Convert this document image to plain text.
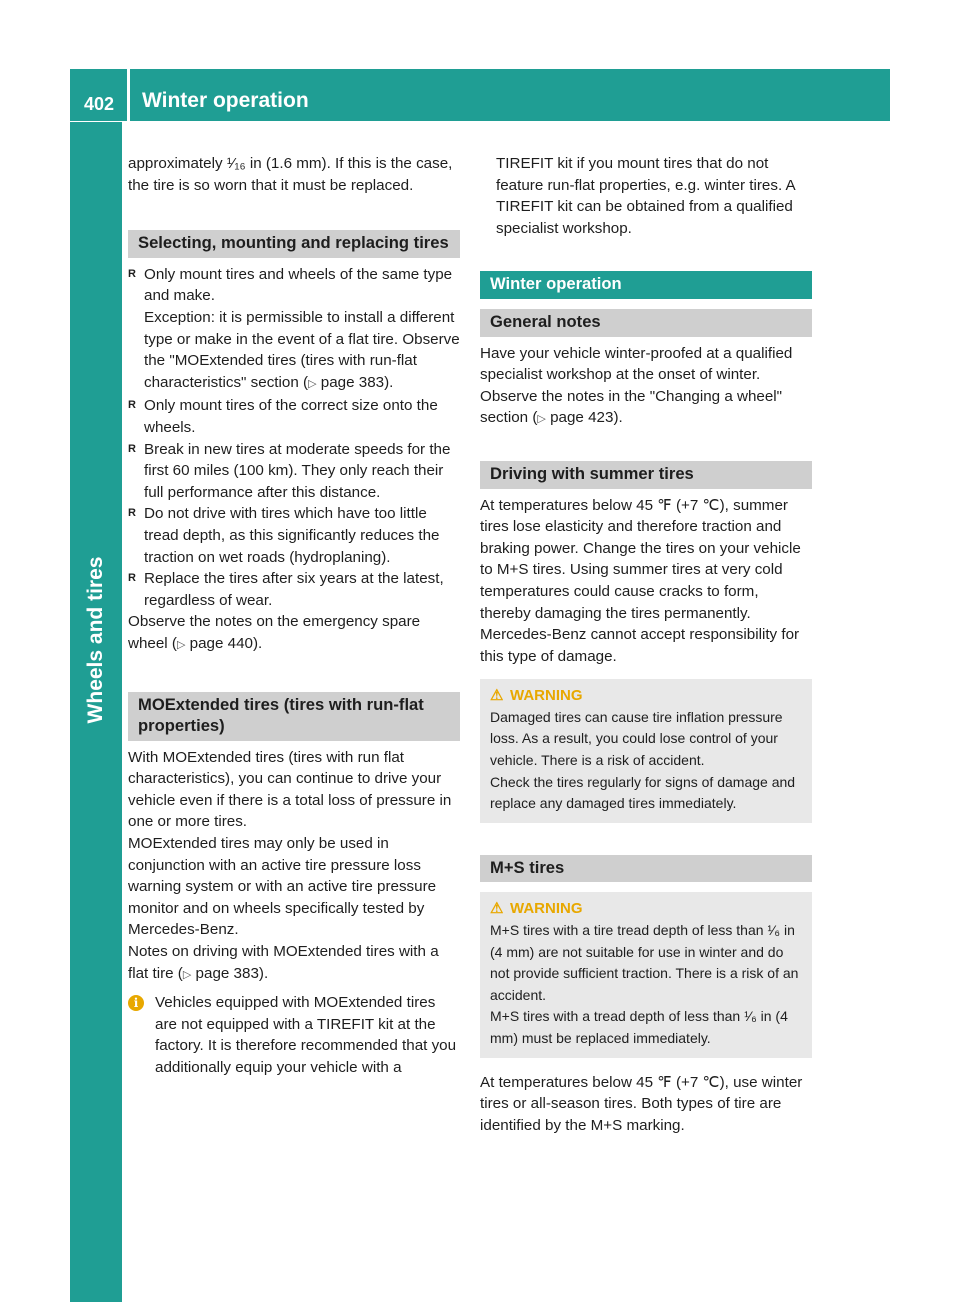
402 Winter operation
Wheels and tires

approximately ¹⁄₁₆ in (1.6 mm). If this is the case, the tire is so worn that it must be replaced.

Selecting, mounting and replacing tires
R Only mount tires and wheels of the same type and make.

Exception: it is permissible to install a different type or make in the event of a flat tire. Observe the "MOExtended tires (tires with run-flat characteristics" section (▷ page 383).

R Only mount tires of the correct size onto the wheels.
R Break in new tires at moderate speeds for the first 60 miles (100 km). They only reach their full performance after this distance.
R Do not drive with tires which have too little tread depth, as this significantly reduces the traction on wet roads (hydroplaning).
R Replace the tires after six years at the latest, regardless of wear.

Observe the notes on the emergency spare wheel (▷ page 440).

MOExtended tires (tires with run-flat properties)

With MOExtended tires (tires with run flat characteristics), you can continue to drive your vehicle even if there is a total loss of pressure in one or more tires.

MOExtended tires may only be used in conjunction with an active tire pressure loss warning system or with an active tire pressure monitor and on wheels specifically tested by Mercedes-Benz.

Notes on driving with MOExtended tires with a flat tire (▷ page 383).

i	Vehicles equipped with MOExtended tires are not equipped with a TIREFIT kit at the factory. It is therefore recommended that you additionally equip your vehicle with a

TIREFIT kit if you mount tires that do not feature run-flat properties, e.g. winter tires. A TIREFIT kit can be obtained from a qualified specialist workshop.

Winter operation
General notes

Have your vehicle winter-proofed at a qualified specialist workshop at the onset of winter.

Observe the notes in the "Changing a wheel" section (▷ page 423).

Driving with summer tires

At temperatures below 45 ℉ (+7 ℃), summer tires lose elasticity and therefore traction and braking power. Change the tires on your vehicle to M+S tires. Using summer tires at very cold temperatures could cause cracks to form, thereby damaging the tires permanently. Mercedes-Benz cannot accept responsibility for this type of damage.

⚠ WARNING

Damaged tires can cause tire inflation pressure loss. As a result, you could lose control of your vehicle. There is a risk of accident.

Check the tires regularly for signs of damage and replace any damaged tires immediately.

M+S tires
⚠ WARNING

M+S tires with a tire tread depth of less than ¹⁄₆ in (4 mm) are not suitable for use in winter and do not provide sufficient traction. There is a risk of an accident.

M+S tires with a tread depth of less than ¹⁄₆ in (4 mm) must be replaced immediately.

At temperatures below 45 ℉ (+7 ℃), use winter tires or all-season tires. Both types of tire are identified by the M+S marking.
